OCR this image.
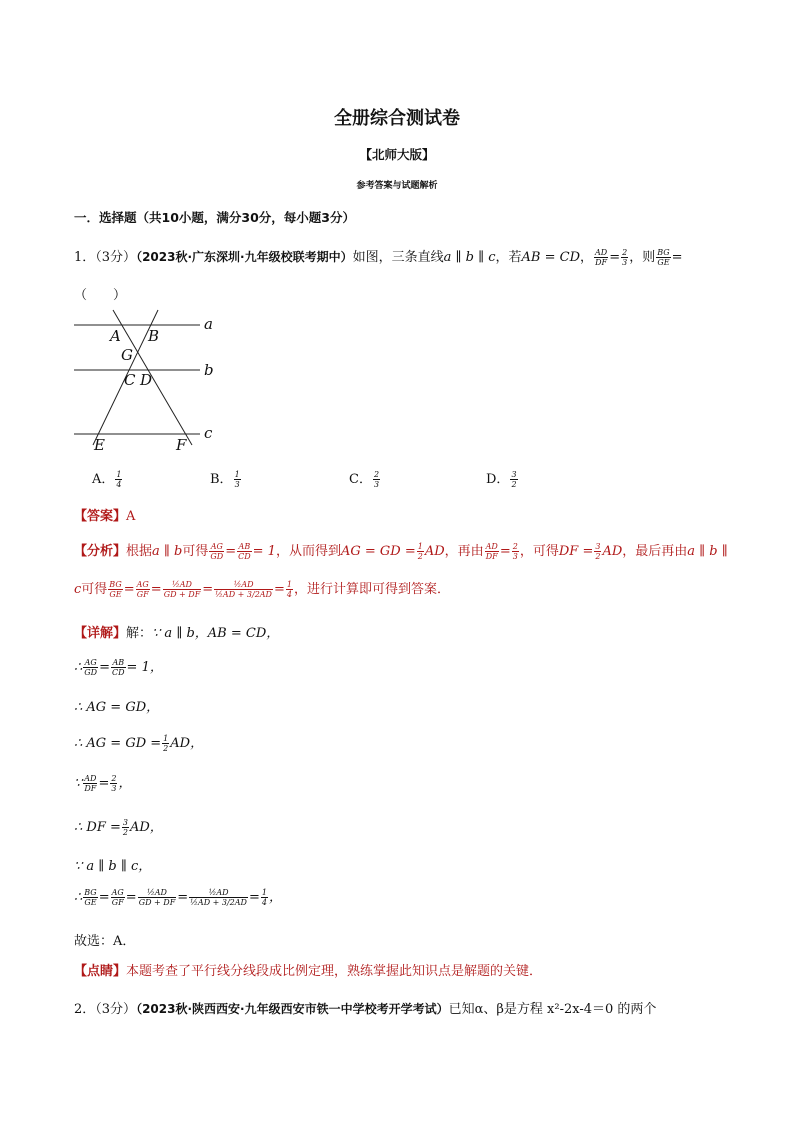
全册综合测试卷
【北师大版】
参考答案与试题解析
一．选择题（共10小题，满分30分，每小题3分）
1．（3分）（2023秋·广东深圳·九年级校联考期中）如图，三条直线a ∥ b ∥ c，若AB = CD， $\frac{AD}{DF} = \frac{2}{3}$ ，则 $\frac{BG}{GE}$ =
（　　）
A B
G
C D
E	F
a
b
c
A． $\frac{1}{4}$	B． $\frac{1}{3}$	C． $\frac{2}{3}$	D． $\frac{3}{2}$
【答案】A
【分析】根据a ∥ b可得 $\frac{AG}{GD} = \frac{AB}{CD} = 1$，从而得到AG = GD = $\frac{1}{2}$ AD，再由 $\frac{AD}{DF} = \frac{2}{3}$ ，可得DF = $\frac{3}{2}$ AD，最后再由a ∥ b ∥
c可得 $\frac{BG}{GE} = \frac{AG}{GF} = \frac{\text{½AD}}{GD + DF} = \frac{\text{½AD}}{\text{½AD + 3/2AD}} = \frac{1}{4}$ ，进行计算即可得到答案．
【详解】解：∵ a ∥ b，AB = CD，
∴ $\frac{AG}{GD} = \frac{AB}{CD} = 1$，
∴ AG = GD，
∴ AG = GD = $\frac{1}{2}$ AD，
∵ $\frac{AD}{DF} = \frac{2}{3}$ ，
∴ DF = $\frac{3}{2}$ AD，
∵ a ∥ b ∥ c，
∴ $\frac{BG}{GE} = \frac{AG}{GF} = \frac{\text{½AD}}{GD + DF} = \frac{\text{½AD}}{\text{½AD + 3/2AD}} = \frac{1}{4}$ ，
故选：A．
【点睛】本题考查了平行线分线段成比例定理，熟练掌握此知识点是解题的关键．
2．（3分）（2023秋·陕西西安·九年级西安市铁一中学校考开学考试）已知α、β是方程 x²-2x-4＝0 的两个
